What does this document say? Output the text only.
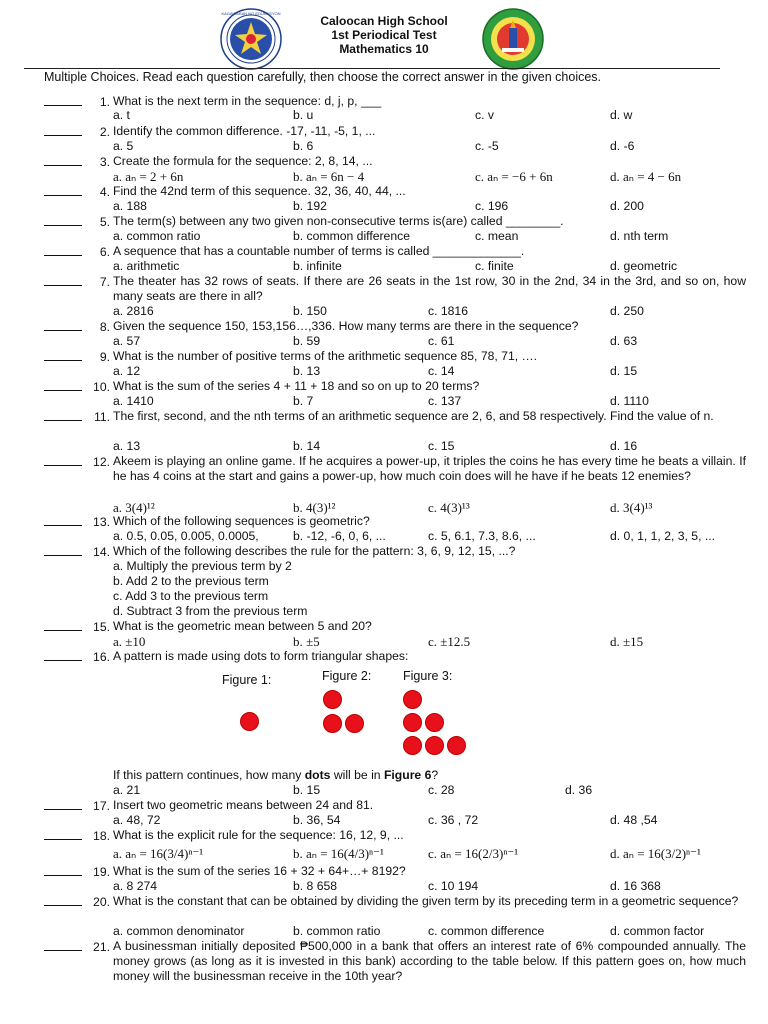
KAGAWARAN NG EDUKASYON
Caloocan High School
1st Periodical Test
Mathematics 10
Multiple Choices. Read each question carefully, then choose the correct answer in the given choices.
1. What is the next term in the sequence: d, j, p, ___
a. t	b. u	c. v	d. w
2. Identify the common difference. -17, -11, -5, 1, ...
a. 5	b. 6	c. -5	d. -6
3. Create the formula for the sequence: 2, 8, 14, ...
a. aₙ = 2 + 6n	b. aₙ = 6n − 4	c. aₙ = −6 + 6n	d. aₙ = 4 − 6n
4. Find the 42nd term of this sequence. 32, 36, 40, 44, ...
a. 188	b. 192	c. 196	d. 200
5. The term(s) between any two given non-consecutive terms is(are) called ________.
a. common ratio	b. common difference	c. mean	d. nth term
6. A sequence that has a countable number of terms is called _____________.
a. arithmetic	b. infinite	c. finite	d. geometric
7. The theater has 32 rows of seats. If there are 26 seats in the 1st row, 30 in the 2nd, 34 in the 3rd, and so on, how many seats are there in all?
a. 2816	b. 150	c. 1816	d. 250
8. Given the sequence 150, 153,156…,336. How many terms are there in the sequence?
a. 57	b. 59	c. 61	d. 63
9. What is the number of positive terms of the arithmetic sequence 85, 78, 71, ….
a. 12	b. 13	c. 14	d. 15
10. What is the sum of the series 4 + 11 + 18 and so on up to 20 terms?
a. 1410	b. 7	c. 137	d. 1110
11. The first, second, and the nth terms of an arithmetic sequence are 2, 6, and 58 respectively. Find the value of n.
a. 13	b. 14	c. 15	d. 16
12. Akeem is playing an online game. If he acquires a power-up, it triples the coins he has every time he beats a villain. If he has 4 coins at the start and gains a power-up, how much coin does will he have if he beats 12 enemies?
a. 3(4)¹²	b. 4(3)¹²	c. 4(3)¹³	d. 3(4)¹³
13. Which of the following sequences is geometric?
a. 0.5, 0.05, 0.005, 0.0005,	b. -12, -6, 0, 6, ...	c. 5, 6.1, 7.3, 8.6, ...	d. 0, 1, 1, 2, 3, 5, ...
14. Which of the following describes the rule for the pattern: 3, 6, 9, 12, 15, ...?
a. Multiply the previous term by 2
b. Add 2 to the previous term
c. Add 3 to the previous term
d. Subtract 3 from the previous term
15. What is the geometric mean between 5 and 20?
a. ±10	b. ±5	c. ±12.5	d. ±15
16. A pattern is made using dots to form triangular shapes:
Figure 1:	Figure 2:	Figure 3:
If this pattern continues, how many dots will be in Figure 6?
a. 21	b. 15	c. 28	d. 36
17. Insert two geometric means between 24 and 81.
a. 48, 72	b. 36, 54	c. 36 , 72	d. 48 ,54
18. What is the explicit rule for the sequence: 16, 12, 9, ...
a. aₙ = 16(3/4)ⁿ⁻¹	b. aₙ = 16(4/3)ⁿ⁻¹	c. aₙ = 16(2/3)ⁿ⁻¹	d. aₙ = 16(3/2)ⁿ⁻¹
19. What is the sum of the series 16 + 32 + 64+…+ 8192?
a. 8 274	b. 8 658	c. 10 194	d. 16 368
20. What is the constant that can be obtained by dividing the given term by its preceding term in a geometric sequence?
a. common denominator	b. common ratio	c. common difference	d. common factor
21. A businessman initially deposited ₱500,000 in a bank that offers an interest rate of 6% compounded annually. The money grows (as long as it is invested in this bank) according to the table below. If this pattern goes on, how much money will the businessman receive in the 10th year?
